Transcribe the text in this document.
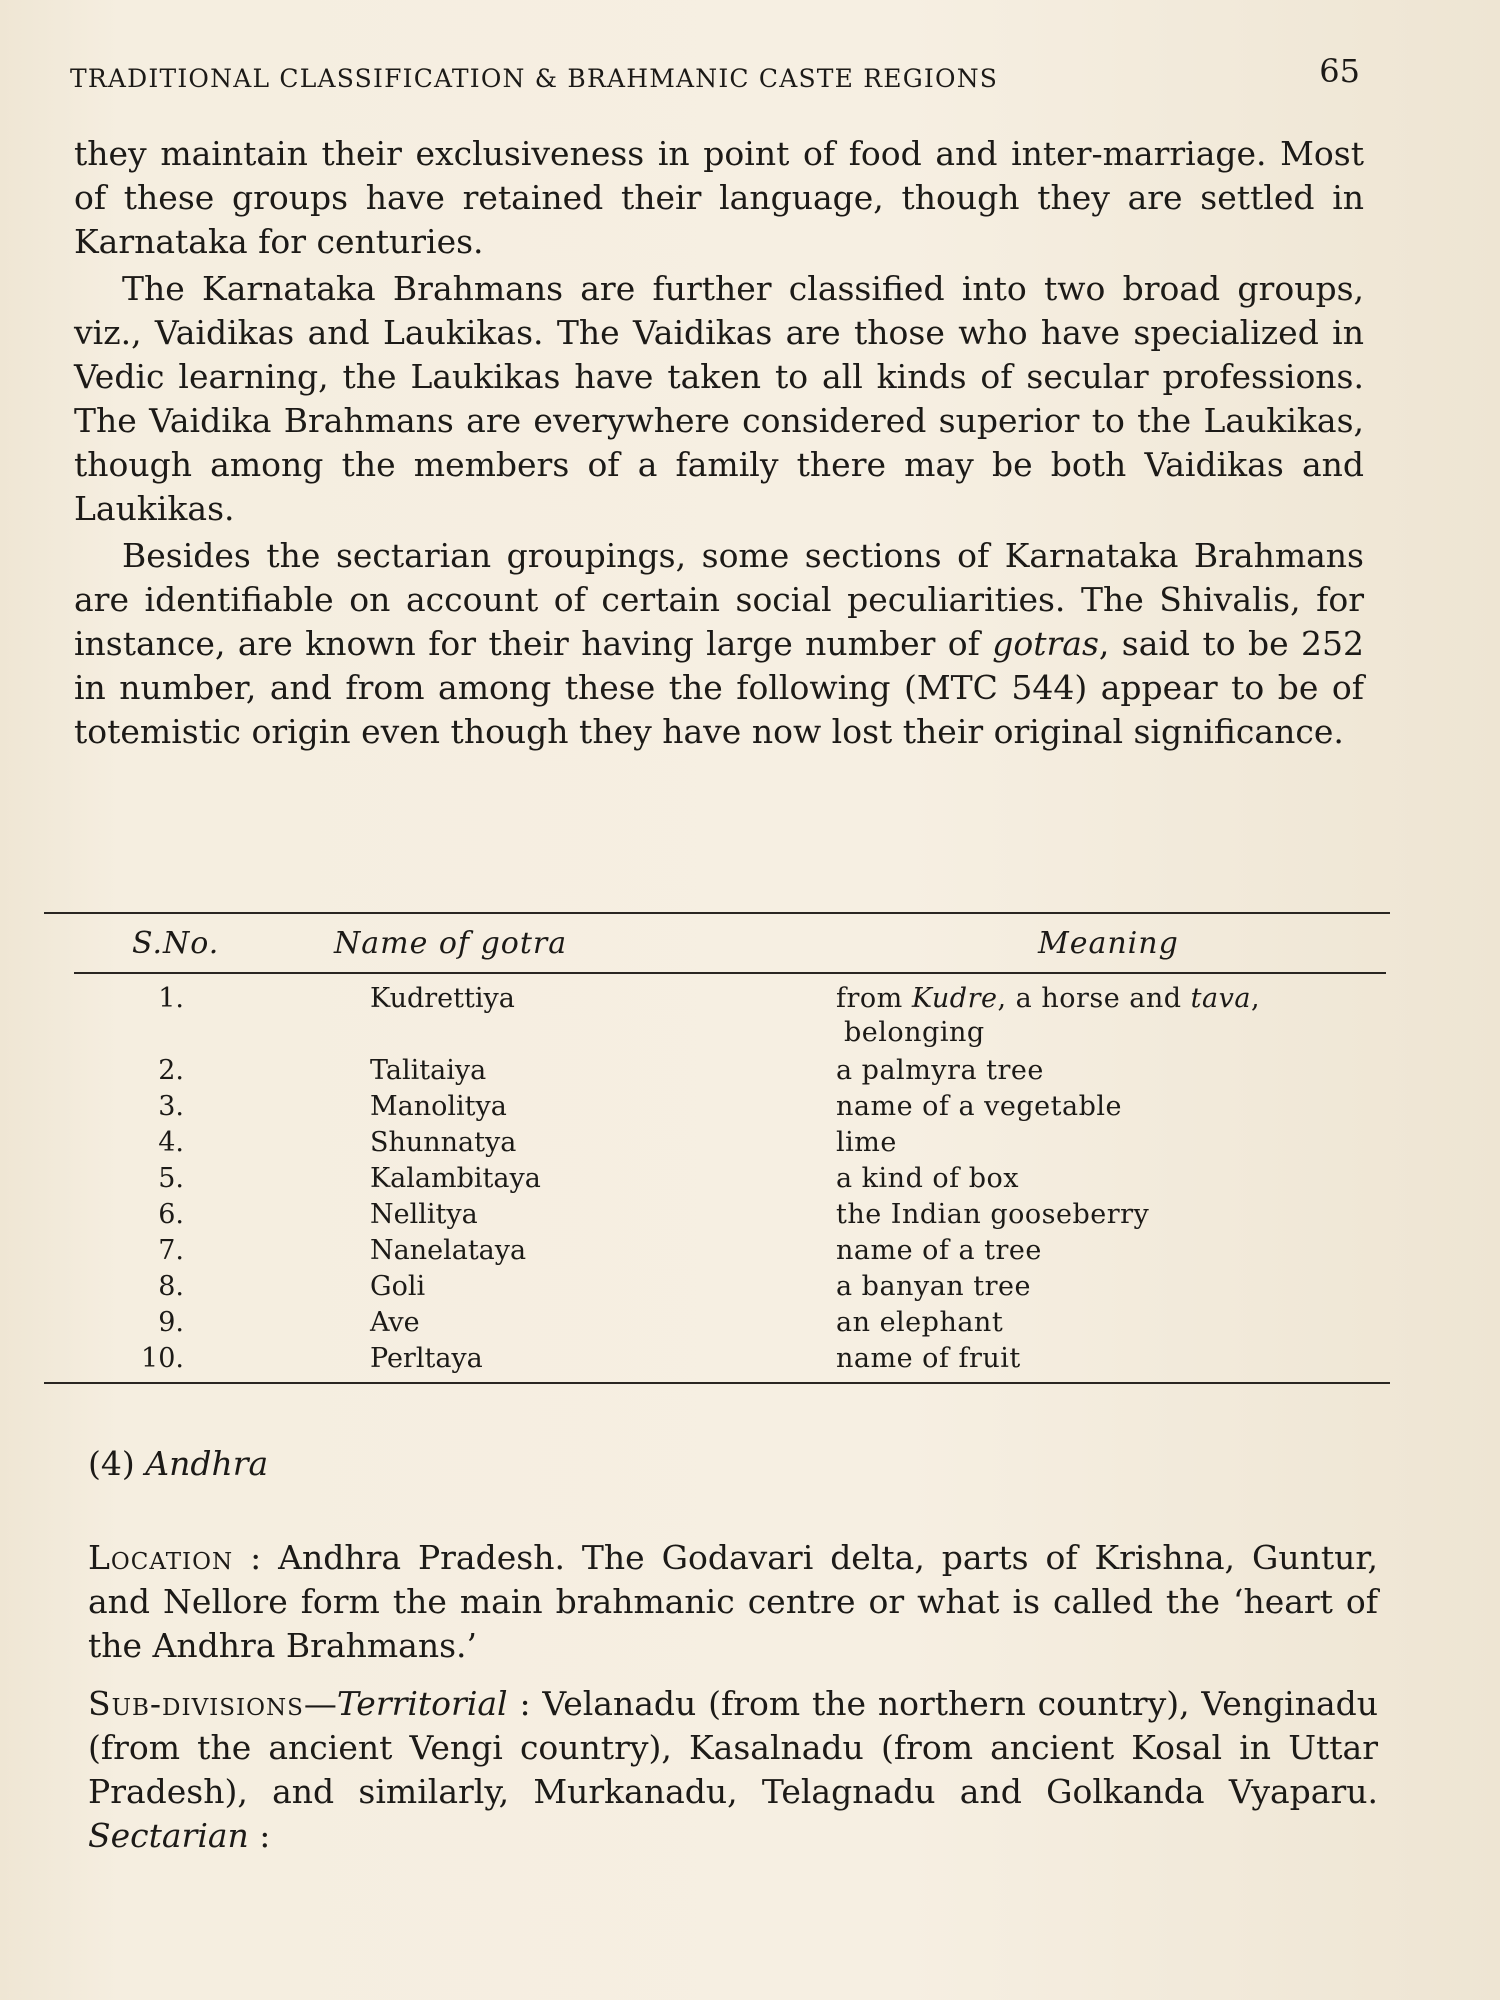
TRADITIONAL CLASSIFICATION & BRAHMANIC CASTE REGIONS	65

they maintain their exclusiveness in point of food and inter-marriage. Most of these groups have retained their language, though they are settled in Karnataka for centuries.

The Karnataka Brahmans are further classified into two broad groups, viz., Vaidikas and Laukikas. The Vaidikas are those who have specialized in Vedic learning, the Laukikas have taken to all kinds of secular professions. The Vaidika Brahmans are everywhere considered superior to the Laukikas, though among the members of a family there may be both Vaidikas and Laukikas.

Besides the sectarian groupings, some sections of Karnataka Brahmans are identifiable on account of certain social peculiarities. The Shivalis, for instance, are known for their having large number of gotras, said to be 252 in number, and from among these the following (MTC 544) appear to be of totemistic origin even though they have now lost their original significance.

S.No.	Name of gotra	Meaning
1.	Kudrettiya	from Kudre, a horse and tava,
belonging
2.	Talitaiya	a palmyra tree
3.	Manolitya	name of a vegetable
4.	Shunnatya	lime
5.	Kalambitaya	a kind of box
6.	Nellitya	the Indian gooseberry
7.	Nanelataya	name of a tree
8.	Goli	a banyan tree
9.	Ave	an elephant
10.	Perltaya	name of fruit
(4) Andhra

Location : Andhra Pradesh. The Godavari delta, parts of Krishna, Guntur, and Nellore form the main brahmanic centre or what is called the ‘heart of the Andhra Brahmans.’

Sub-divisions—Territorial : Velanadu (from the northern country), Venginadu (from the ancient Vengi country), Kasalnadu (from ancient Kosal in Uttar Pradesh), and similarly, Murkanadu, Telagnadu and Golkanda Vyaparu. Sectarian :
